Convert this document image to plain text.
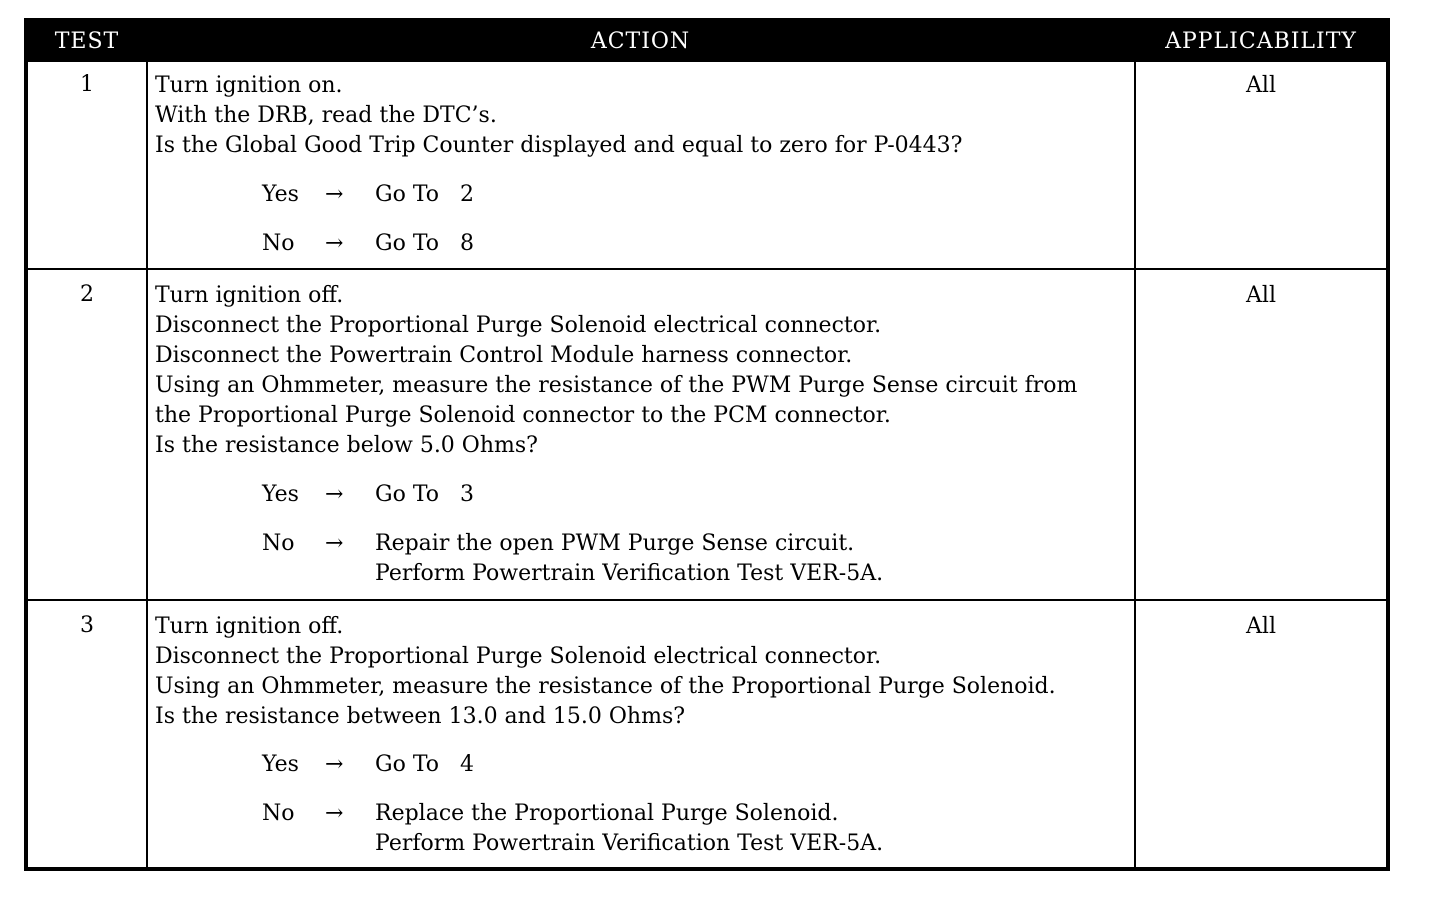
TEST	ACTION	APPLICABILITY
1	Turn ignition on.
With the DRB, read the DTC’s.
Is the Global Good Trip Counter displayed and equal to zero for P-0443?
Yes → Go To   2
No → Go To   8
All
2	Turn ignition off.
Disconnect the Proportional Purge Solenoid electrical connector.
Disconnect the Powertrain Control Module harness connector.
Using an Ohmmeter, measure the resistance of the PWM Purge Sense circuit from
the Proportional Purge Solenoid connector to the PCM connector.
Is the resistance below 5.0 Ohms?
Yes → Go To   3
No → Repair the open PWM Purge Sense circuit.
Perform Powertrain Verification Test VER-5A.
All
3	Turn ignition off.
Disconnect the Proportional Purge Solenoid electrical connector.
Using an Ohmmeter, measure the resistance of the Proportional Purge Solenoid.
Is the resistance between 13.0 and 15.0 Ohms?
Yes → Go To   4
No → Replace the Proportional Purge Solenoid.
Perform Powertrain Verification Test VER-5A.
All
